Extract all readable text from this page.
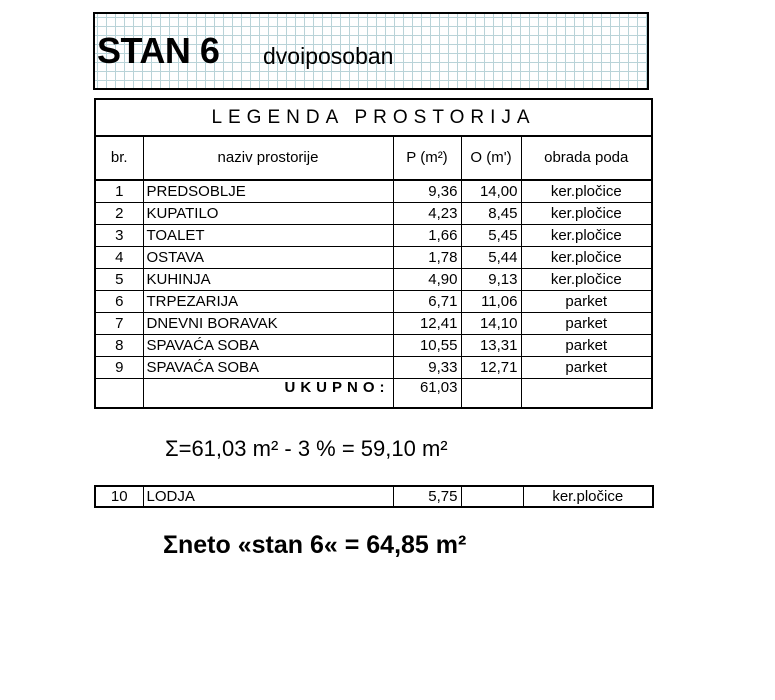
STAN 6 dvoiposoban
LEGENDA PROSTORIJA				
br.	naziv prostorije	P (m²)	O (m')	obrada poda
1	PREDSOBLJE	9,36	14,00	ker.pločice
2	KUPATILO	4,23	8,45	ker.pločice
3	TOALET	1,66	5,45	ker.pločice
4	OSTAVA	1,78	5,44	ker.pločice
5	KUHINJA	4,90	9,13	ker.pločice
6	TRPEZARIJA	6,71	11,06	parket
7	DNEVNI BORAVAK	12,41	14,10	parket
8	SPAVAĆA SOBA	10,55	13,31	parket
9	SPAVAĆA SOBA	9,33	12,71	parket
	UKUPNO:	61,03		
Σ=61,03 m² - 3 % = 59,10 m²
10	LODJA	5,75		ker.pločice
Σneto «stan 6« = 64,85 m²
